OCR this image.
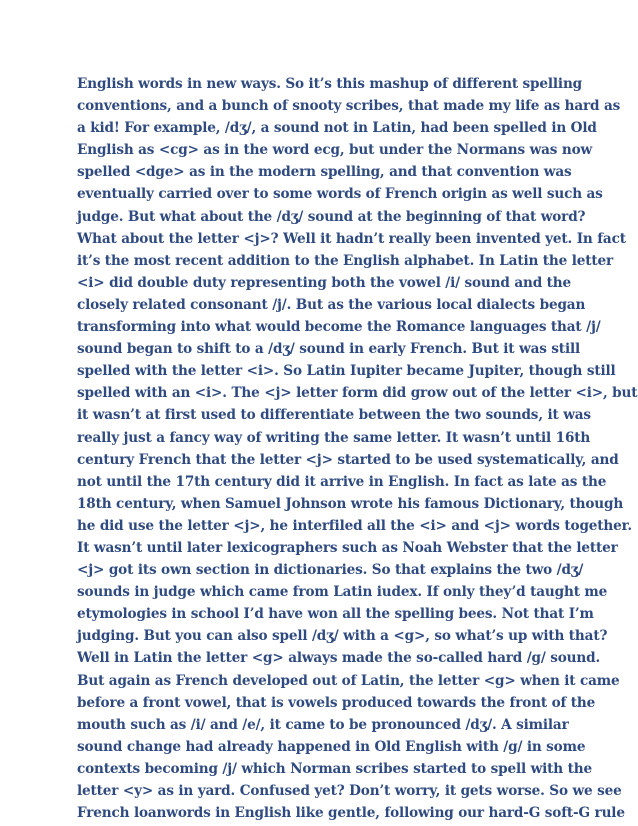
English words in new ways. So it’s this mashup of different spelling
conventions, and a bunch of snooty scribes, that made my life as hard as
a kid! For example, /dʒ/, a sound not in Latin, had been spelled in Old
English as <cg> as in the word ecg, but under the Normans was now
spelled <dge> as in the modern spelling, and that convention was
eventually carried over to some words of French origin as well such as
judge. But what about the /dʒ/ sound at the beginning of that word?
What about the letter <j>? Well it hadn’t really been invented yet. In fact
it’s the most recent addition to the English alphabet. In Latin the letter
<i> did double duty representing both the vowel /i/ sound and the
closely related consonant /j/. But as the various local dialects began
transforming into what would become the Romance languages that /j/
sound began to shift to a /dʒ/ sound in early French. But it was still
spelled with the letter <i>. So Latin Iupiter became Jupiter, though still
spelled with an <i>. The <j> letter form did grow out of the letter <i>, but
it wasn’t at first used to differentiate between the two sounds, it was
really just a fancy way of writing the same letter. It wasn’t until 16th
century French that the letter <j> started to be used systematically, and
not until the 17th century did it arrive in English. In fact as late as the
18th century, when Samuel Johnson wrote his famous Dictionary, though
he did use the letter <j>, he interfiled all the <i> and <j> words together.
It wasn’t until later lexicographers such as Noah Webster that the letter
<j> got its own section in dictionaries. So that explains the two /dʒ/
sounds in judge which came from Latin iudex. If only they’d taught me
etymologies in school I’d have won all the spelling bees. Not that I’m
judging. But you can also spell /dʒ/ with a <g>, so what’s up with that?
Well in Latin the letter <g> always made the so-called hard /g/ sound.
But again as French developed out of Latin, the letter <g> when it came
before a front vowel, that is vowels produced towards the front of the
mouth such as /i/ and /e/, it came to be pronounced /dʒ/. A similar
sound change had already happened in Old English with /g/ in some
contexts becoming /j/ which Norman scribes started to spell with the
letter <y> as in yard. Confused yet? Don’t worry, it gets worse. So we see
French loanwords in English like gentle, following our hard-G soft-G rule
